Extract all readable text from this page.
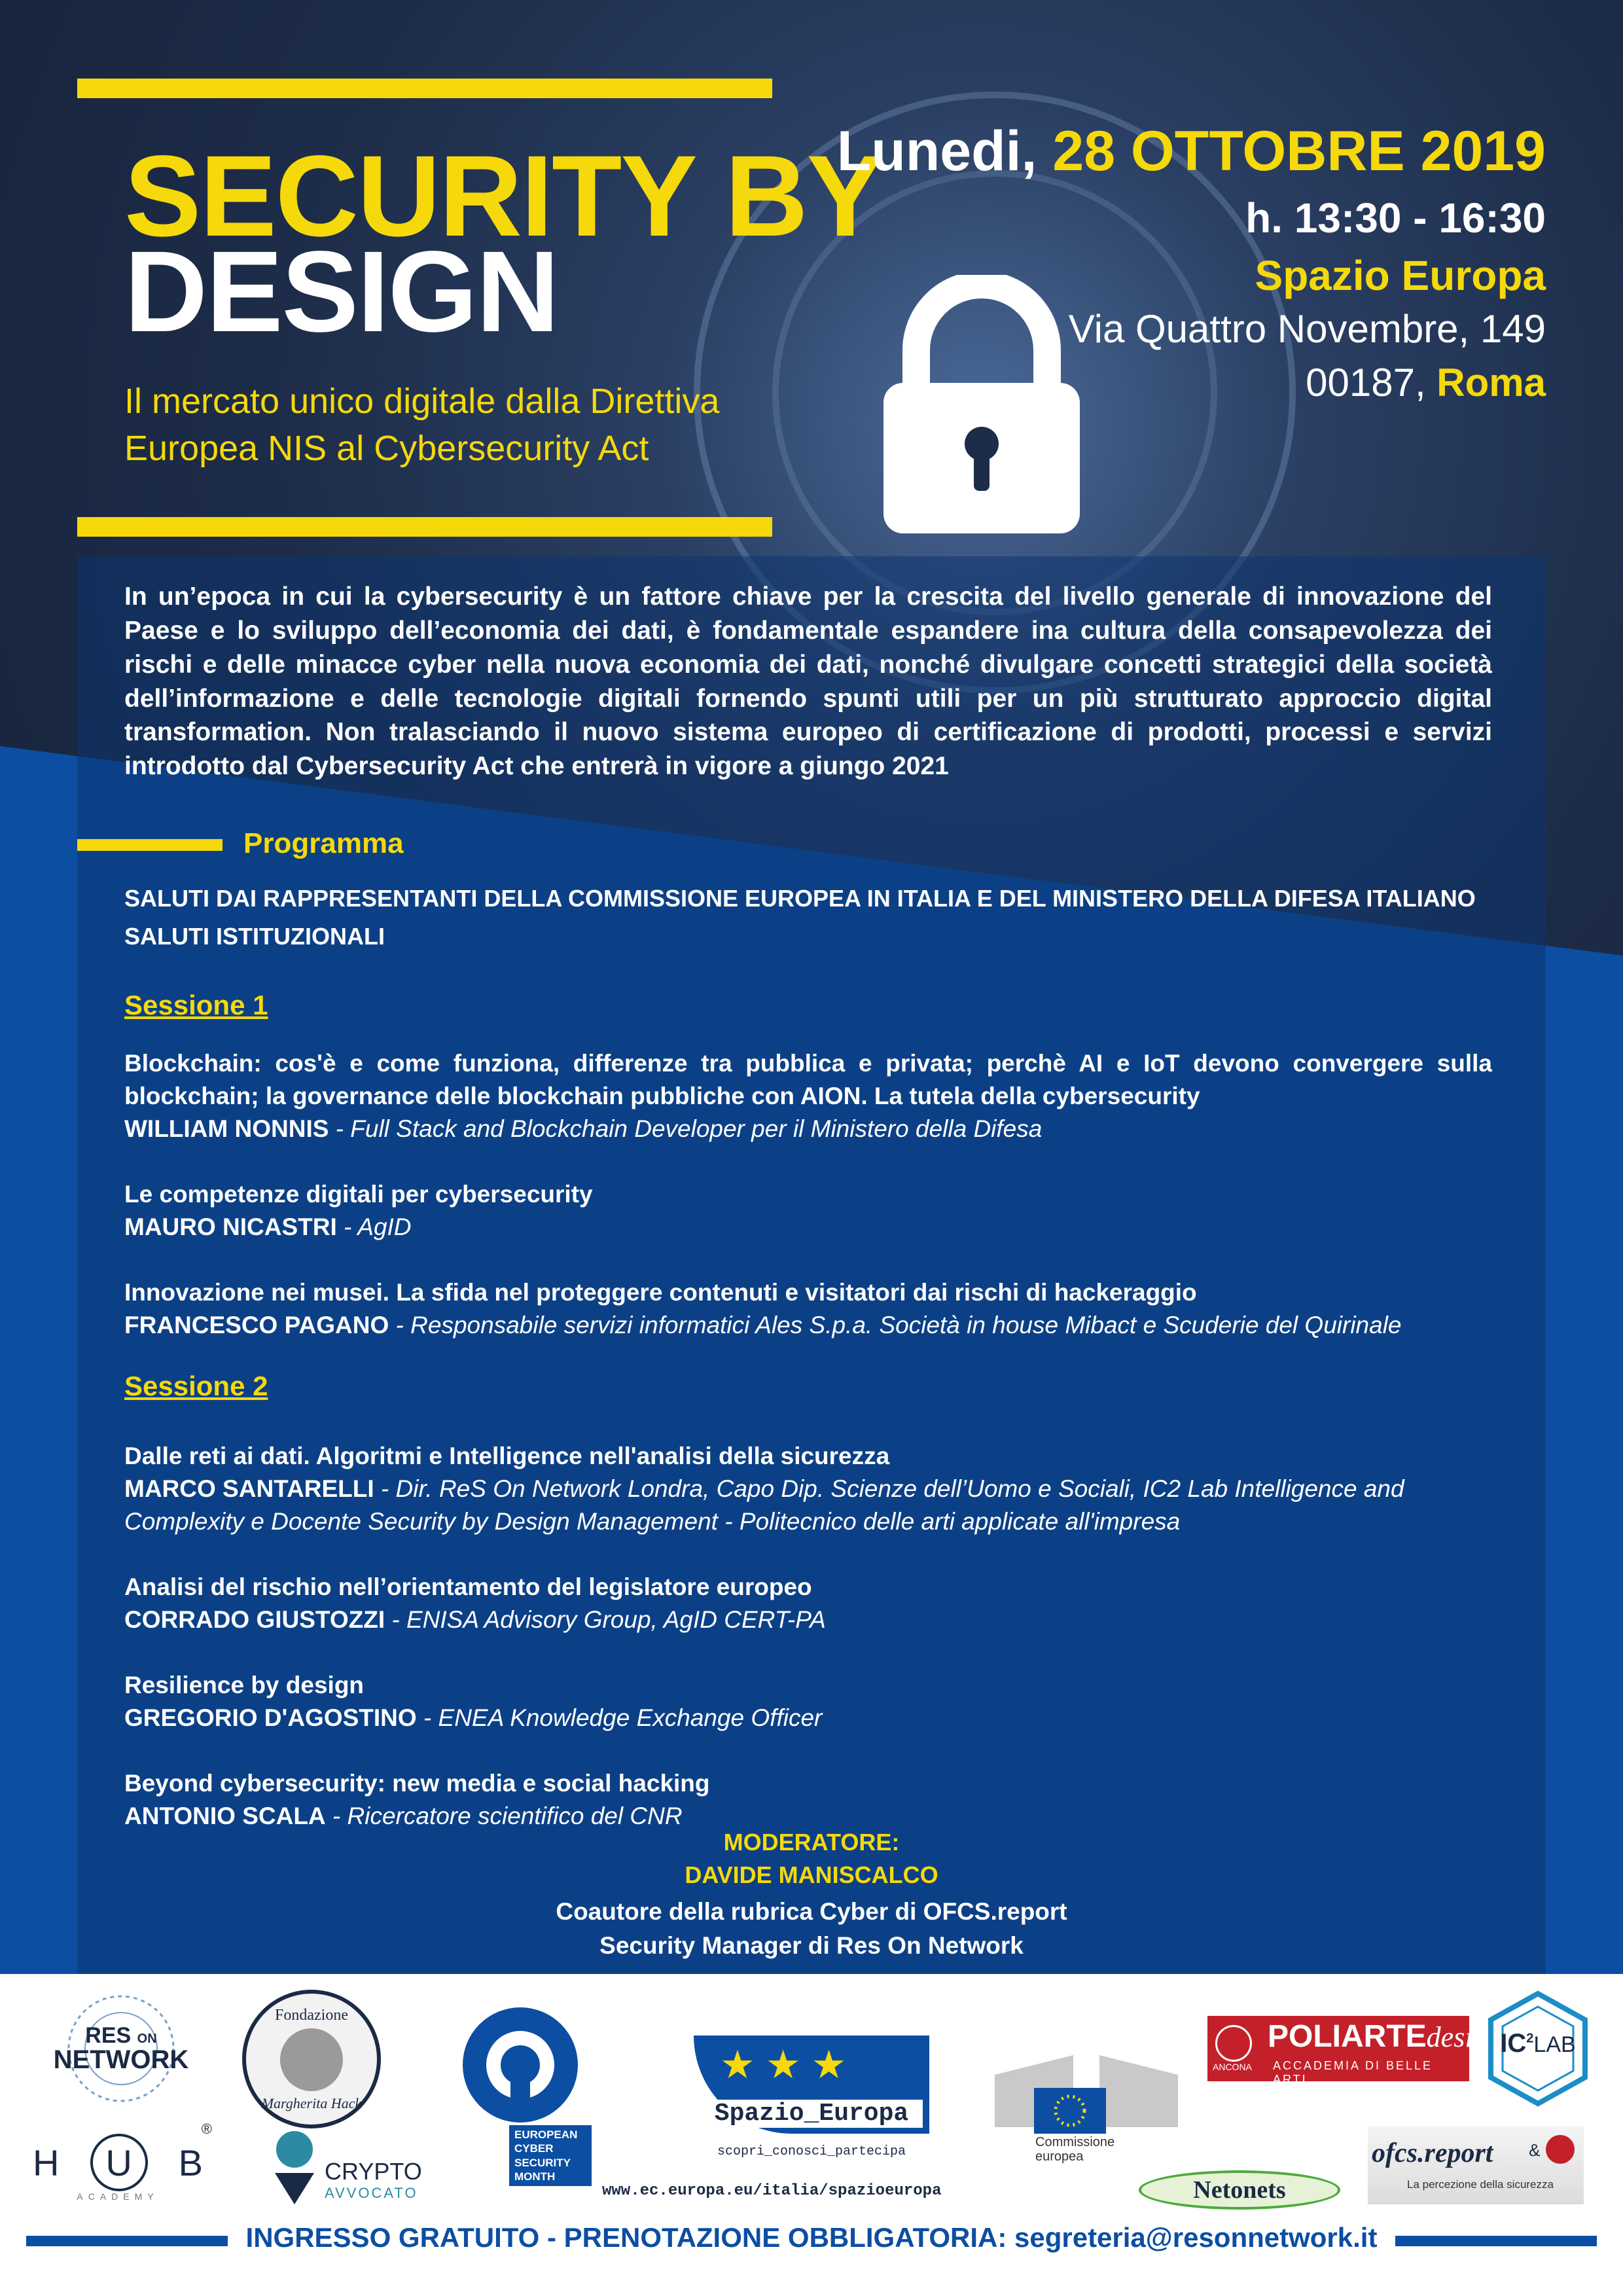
SECURITY BY
DESIGN
Il mercato unico digitale dalla Direttiva
Europea NIS al Cybersecurity Act
Lunedi, 28 OTTOBRE 2019
h. 13:30 - 16:30
Spazio Europa
Via Quattro Novembre, 149
00187, Roma
In un’epoca in cui la cybersecurity è un fattore chiave per la crescita del livello generale di innovazione del Paese e lo sviluppo dell’economia dei dati, è fondamentale espandere ina cultura della consapevolezza dei rischi e delle minacce cyber nella nuova economia dei dati, nonché divulgare concetti strategici della società dell’informazione e delle tecnologie digitali fornendo spunti utili per un più strutturato approccio digital transformation. Non tralasciando il nuovo sistema europeo di certificazione di prodotti, processi e servizi introdotto dal Cybersecurity Act che entrerà in vigore a giungo 2021
Programma
SALUTI DAI RAPPRESENTANTI DELLA COMMISSIONE EUROPEA IN ITALIA E DEL MINISTERO DELLA DIFESA ITALIANO
SALUTI ISTITUZIONALI
Sessione 1
Blockchain: cos'è e come funziona, differenze tra pubblica e privata; perchè AI e IoT devono convergere sulla blockchain; la governance delle blockchain pubbliche con AION. La tutela della cybersecurity
WILLIAM NONNIS - Full Stack and Blockchain Developer per il Ministero della Difesa
Le competenze digitali per cybersecurity
MAURO NICASTRI - AgID
Innovazione nei musei. La sfida nel proteggere contenuti e visitatori dai rischi di hackeraggio
FRANCESCO PAGANO - Responsabile servizi informatici Ales S.p.a. Società in house Mibact e Scuderie del Quirinale
Sessione 2
Dalle reti ai dati. Algoritmi e Intelligence nell'analisi della sicurezza
MARCO SANTARELLI - Dir. ReS On Network Londra, Capo Dip. Scienze dell’Uomo e Sociali, IC2 Lab Intelligence and Complexity e Docente Security by Design Management - Politecnico delle arti applicate all'impresa
Analisi del rischio nell’orientamento del legislatore europeo
CORRADO GIUSTOZZI - ENISA Advisory Group, AgID CERT-PA
Resilience by design
GREGORIO D'AGOSTINO - ENEA Knowledge Exchange Officer
Beyond cybersecurity: new media e social hacking
ANTONIO SCALA - Ricercatore scientifico del CNR
MODERATORE:
DAVIDE MANISCALCO
Coautore della rubrica Cyber di OFCS.report
Security Manager di Res On Network
RES ON
NETWORK
Fondazione
Margherita Hack
H U B
®
ACADEMY
CRYPTO
AVVOCATO
EUROPEAN
CYBER
SECURITY
MONTH
★★★
Spazio_Europa
scopri_conosci_partecipa
www.ec.europa.eu/italia/spazioeuropa
Commissione
europea
Netonets
ANCONA
POLIARTEdesign
ACCADEMIA DI BELLE ARTI
$IC^2LAB$
ofcs.report &
La percezione della sicurezza
INGRESSO GRATUITO - PRENOTAZIONE OBBLIGATORIA: segreteria@resonnetwork.it
